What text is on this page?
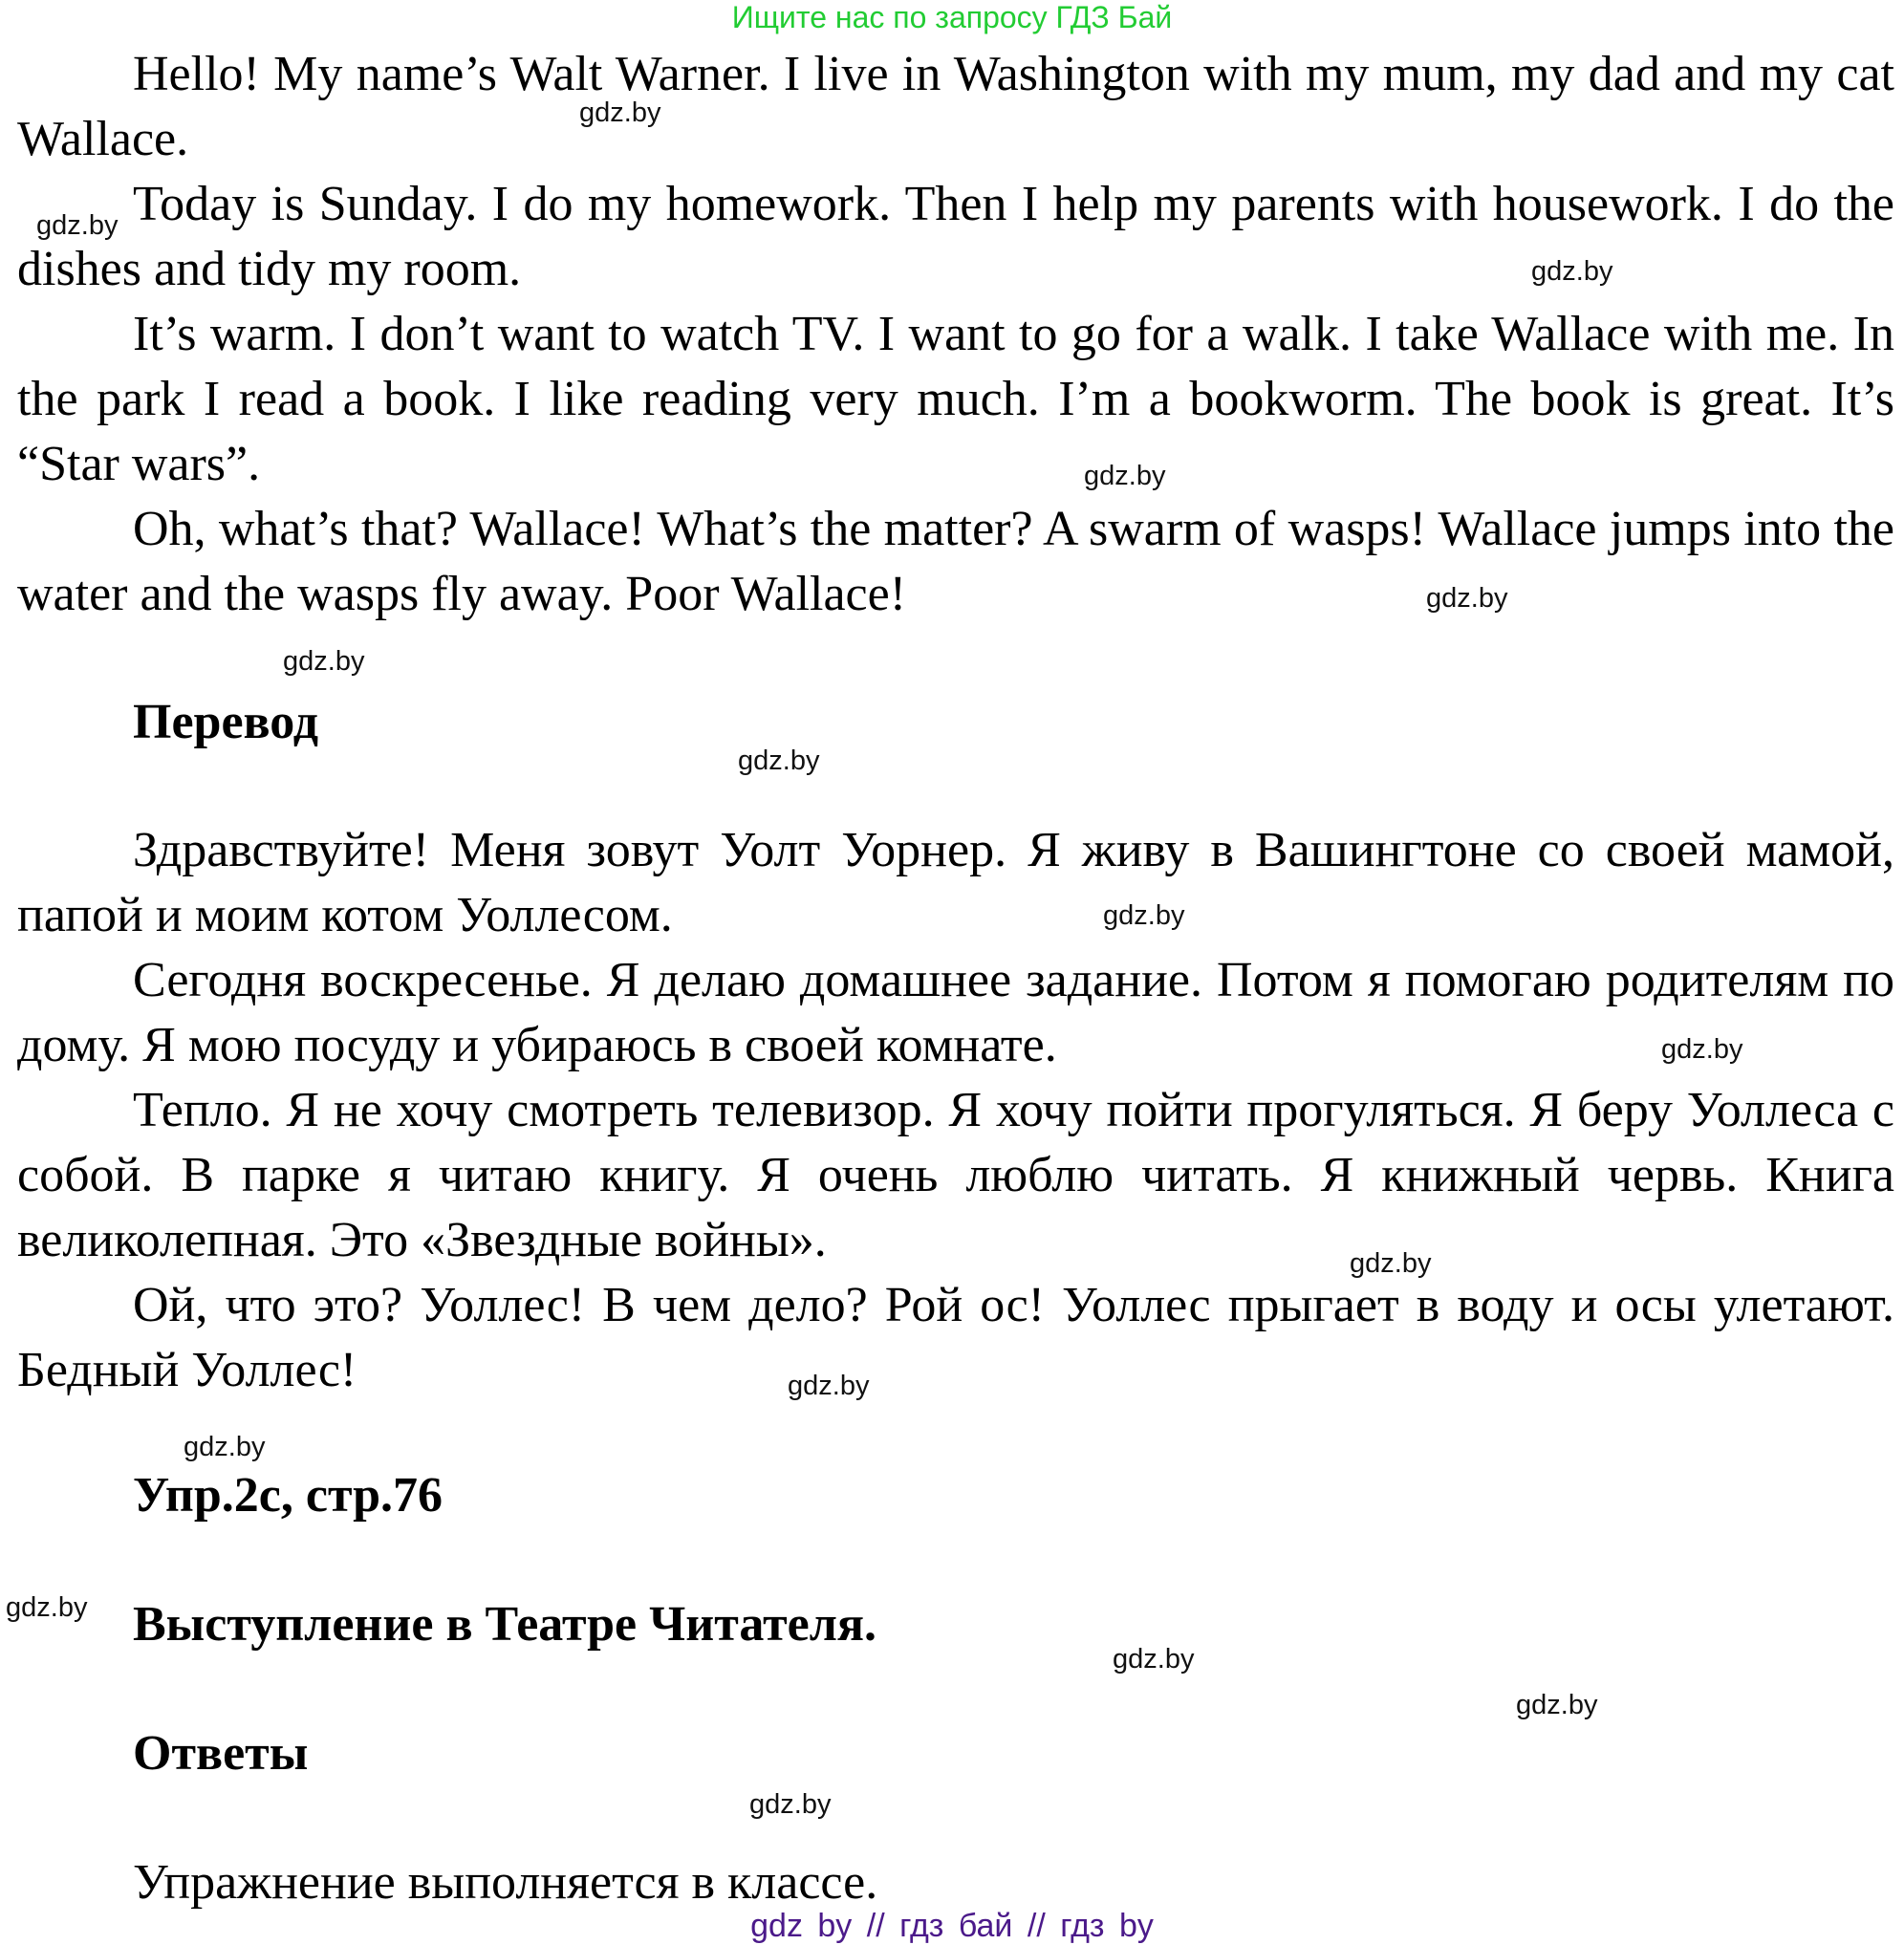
Ищите нас по запросу ГДЗ Бай

Hello! My name’s Walt Warner. I live in Washington with my mum, my dad and my cat Wallace.

Today is Sunday. I do my homework. Then I help my parents with housework. I do the dishes and tidy my room.

It’s warm. I don’t want to watch TV. I want to go for a walk. I take Wallace with me. In the park I read a book. I like reading very much. I’m a bookworm. The book is great. It’s “Star wars”.

Oh, what’s that? Wallace! What’s the matter? A swarm of wasps! Wallace jumps into the water and the wasps fly away. Poor Wallace!

Перевод

Здравствуйте! Меня зовут Уолт Уорнер. Я живу в Вашингтоне со своей мамой, папой и моим котом Уоллесом.

Сегодня воскресенье. Я делаю домашнее задание. Потом я помогаю родителям по дому. Я мою посуду и убираюсь в своей комнате.

Тепло. Я не хочу смотреть телевизор. Я хочу пойти прогуляться. Я беру Уоллеса с собой. В парке я читаю книгу. Я очень люблю читать. Я книжный червь. Книга великолепная. Это «Звездные войны».

Ой, что это? Уоллес! В чем дело? Рой ос! Уоллес прыгает в воду и осы улетают. Бедный Уоллес!

Упр.2с, стр.76
Выступление в Театре Читателя.
Ответы

Упражнение выполняется в классе.

gdz.by
gdz.by
gdz.by
gdz.by
gdz.by
gdz.by
gdz.by
gdz.by
gdz.by
gdz.by
gdz.by
gdz.by
gdz.by
gdz.by
gdz.by
gdz.by
gdz by // гдз бай // гдз by
